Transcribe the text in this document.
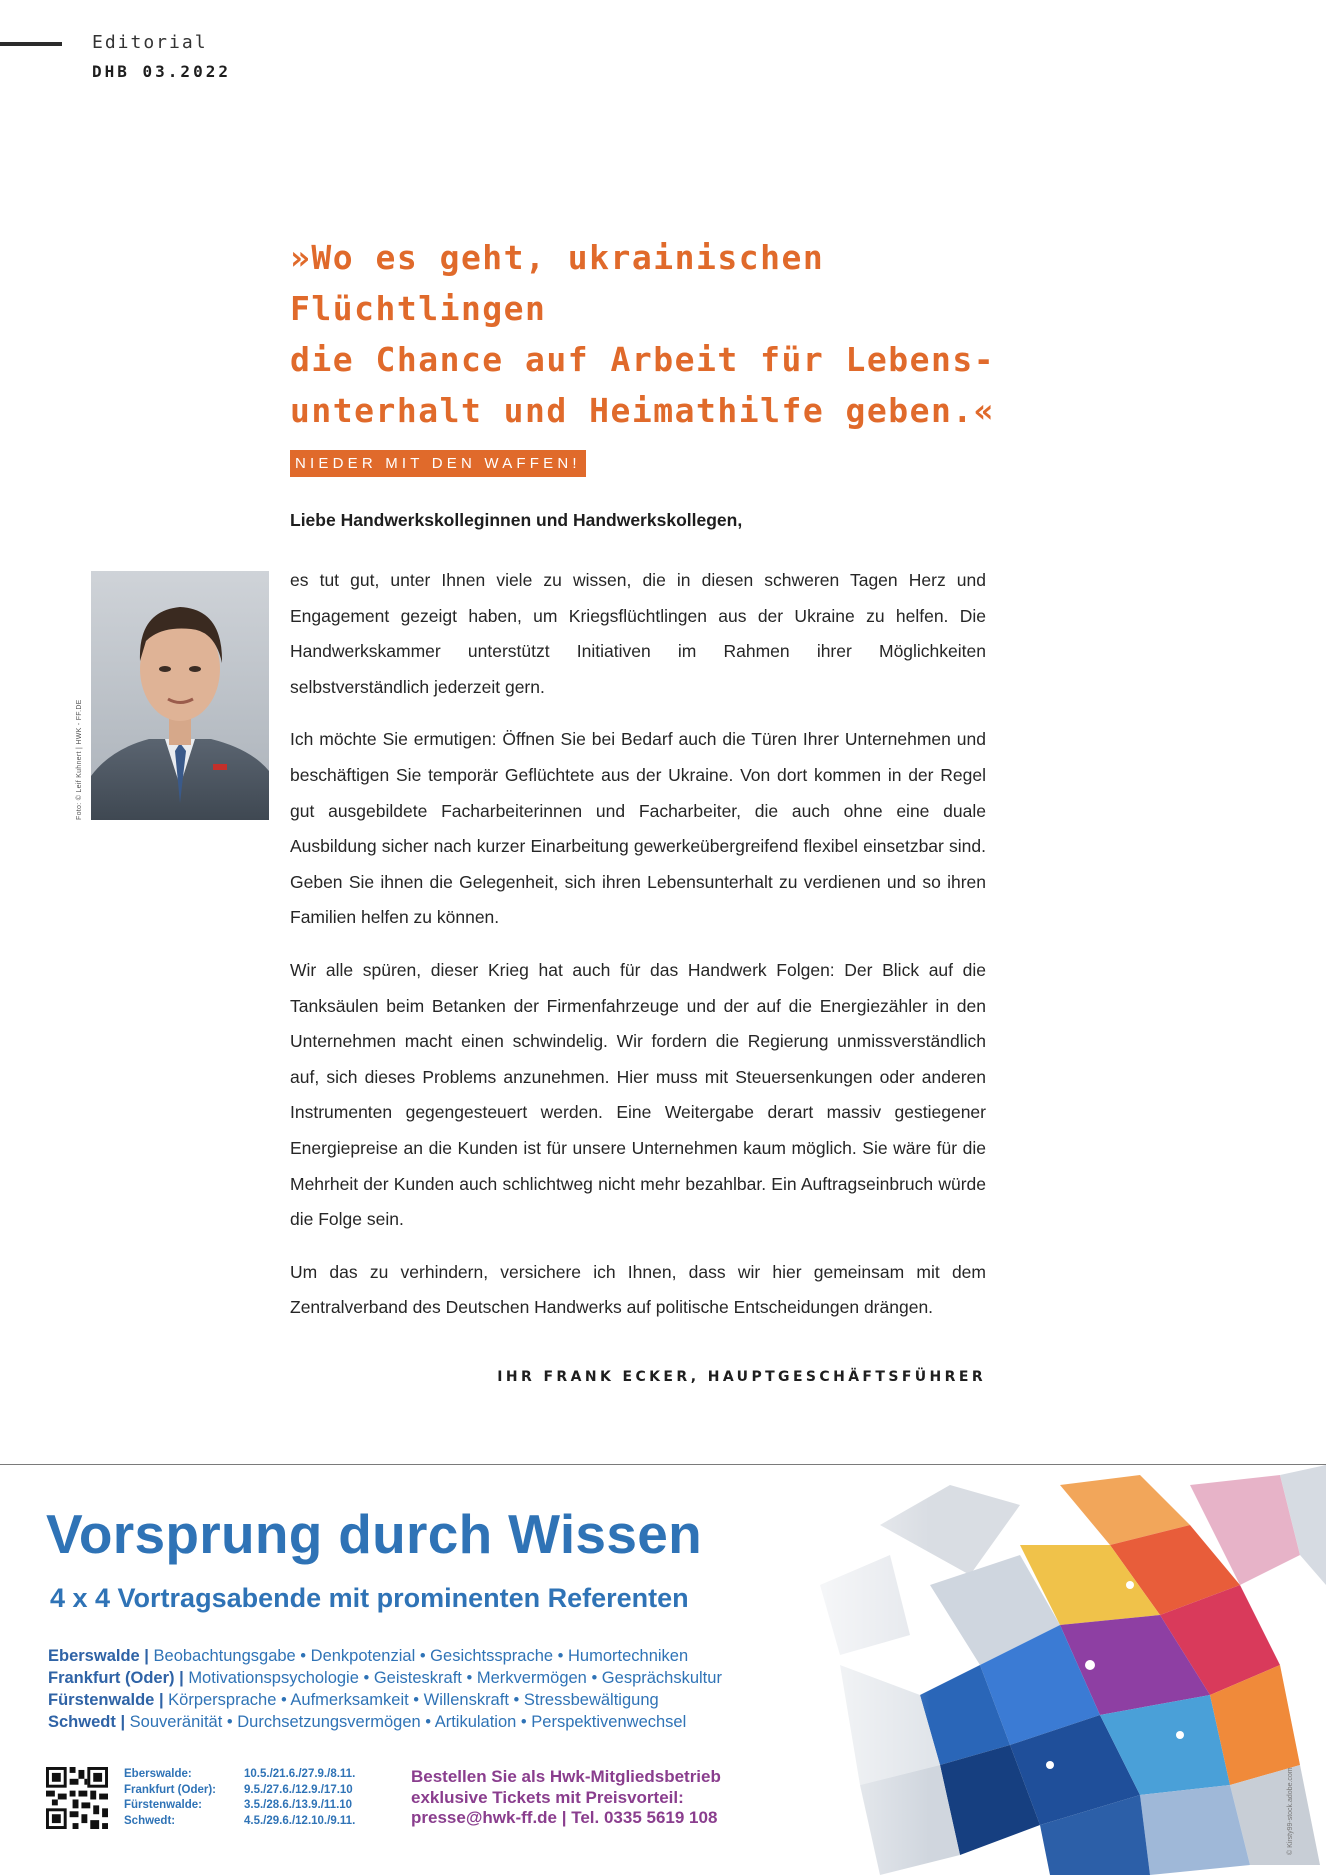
Editorial
DHB 03.2022
»Wo es geht, ukrainischen Flüchtlingen
die Chance auf Arbeit für Lebens-
unterhalt und Heimathilfe geben.«
NIEDER MIT DEN WAFFEN!
Liebe Handwerkskolleginnen und Handwerkskollegen,
Foto: © Leif Kuhnert | HWK - FF.DE

es tut gut, unter Ihnen viele zu wissen, die in diesen schweren Tagen Herz und Engagement gezeigt haben, um Kriegsflüchtlingen aus der Ukraine zu helfen. Die Handwerkskammer unterstützt Initiativen im Rahmen ihrer Möglichkeiten selbstverständlich jederzeit gern.

Ich möchte Sie ermutigen: Öffnen Sie bei Bedarf auch die Türen Ihrer Unternehmen und beschäftigen Sie temporär Geflüchtete aus der Ukraine. Von dort kommen in der Regel gut ausgebildete Facharbeiterinnen und Facharbeiter, die auch ohne eine duale Ausbildung sicher nach kurzer Einarbeitung gewerkeübergreifend flexibel einsetzbar sind. Geben Sie ihnen die Gelegenheit, sich ihren Lebensunterhalt zu verdienen und so ihren Familien helfen zu können.

Wir alle spüren, dieser Krieg hat auch für das Handwerk Folgen: Der Blick auf die Tanksäulen beim Betanken der Firmenfahrzeuge und der auf die Energiezähler in den Unternehmen macht einen schwindelig. Wir fordern die Regierung unmissverständlich auf, sich dieses Problems anzunehmen. Hier muss mit Steuersenkungen oder anderen Instrumenten gegengesteuert werden. Eine Weitergabe derart massiv gestiegener Energiepreise an die Kunden ist für unsere Unternehmen kaum möglich. Sie wäre für die Mehrheit der Kunden auch schlichtweg nicht mehr bezahlbar. Ein Auftragseinbruch würde die Folge sein.

Um das zu verhindern, versichere ich Ihnen, dass wir hier gemeinsam mit dem Zentralverband des Deutschen Handwerks auf politische Entscheidungen drängen.

IHR FRANK ECKER, HAUPTGESCHÄFTSFÜHRER
Vorsprung durch Wissen
4 x 4 Vortragsabende mit prominenten Referenten
Eberswalde | Beobachtungsgabe • Denkpotenzial • Gesichtssprache • Humortechniken
Frankfurt (Oder) | Motivationspsychologie • Geisteskraft • Merkvermögen • Gesprächskultur
Fürstenwalde | Körpersprache • Aufmerksamkeit • Willenskraft • Stressbewältigung
Schwedt | Souveränität • Durchsetzungsvermögen • Artikulation • Perspektivenwechsel
Eberswalde:	10.5./21.6./27.9./8.11.
Frankfurt (Oder):	9.5./27.6./12.9./17.10
Fürstenwalde:	3.5./28.6./13.9./11.10
Schwedt:	4.5./29.6./12.10./9.11.
Bestellen Sie als Hwk-Mitgliedsbetrieb
exklusive Tickets mit Preisvorteil:
presse@hwk-ff.de | Tel. 0335 5619 108	© Kirsty99-stock.adobe.com
